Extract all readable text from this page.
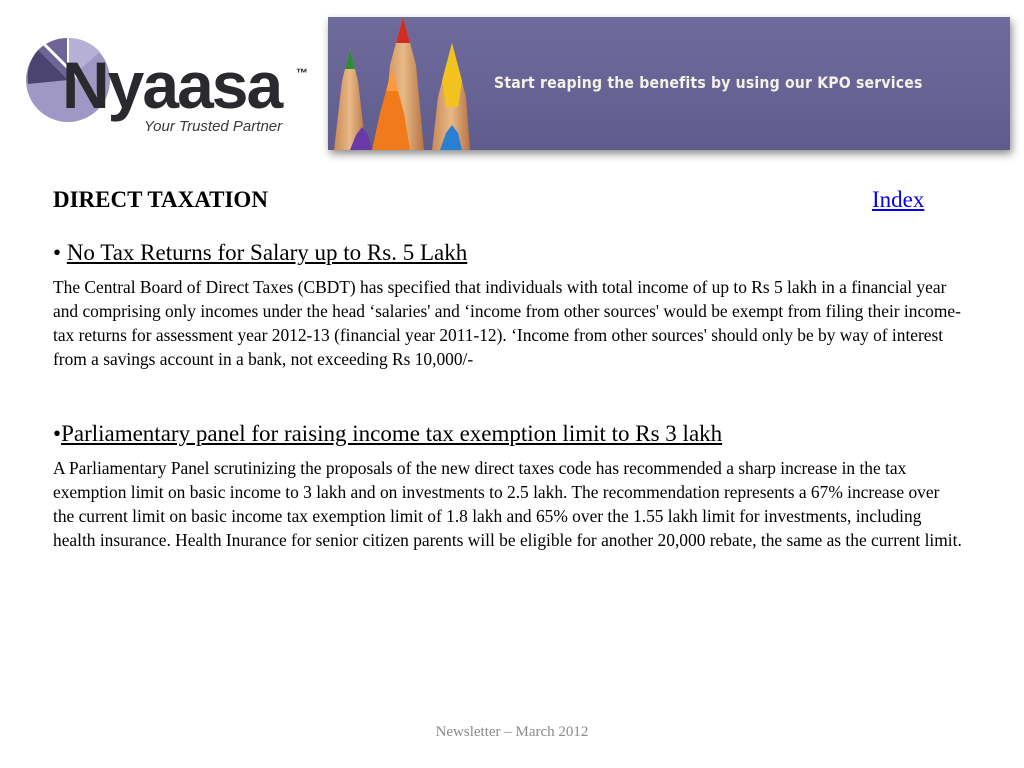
Nyaasa ™
Your Trusted Partner
Start reaping the benefits by using our KPO services
DIRECT TAXATION	Index

• No Tax Returns for Salary up to Rs. 5 Lakh

The Central Board of Direct Taxes (CBDT) has specified that individuals with total income of up to Rs 5 lakh in a financial year and comprising only incomes under the head ‘salaries' and ‘income from other sources' would be exempt from filing their income-tax returns for assessment year 2012-13 (financial year 2011-12). ‘Income from other sources' should only be by way of interest from a savings account in a bank, not exceeding Rs 10,000/-

•Parliamentary panel for raising income tax exemption limit to Rs 3 lakh

A Parliamentary Panel scrutinizing the proposals of the new direct taxes code has recommended a sharp increase in the tax exemption limit on basic income to 3 lakh and on investments to 2.5 lakh. The recommendation represents a 67% increase over the current limit on basic income tax exemption limit of 1.8 lakh and 65% over the 1.55 lakh limit for investments, including health insurance. Health Inurance for senior citizen parents will be eligible for another 20,000 rebate, the same as the current limit.

Newsletter – March 2012
